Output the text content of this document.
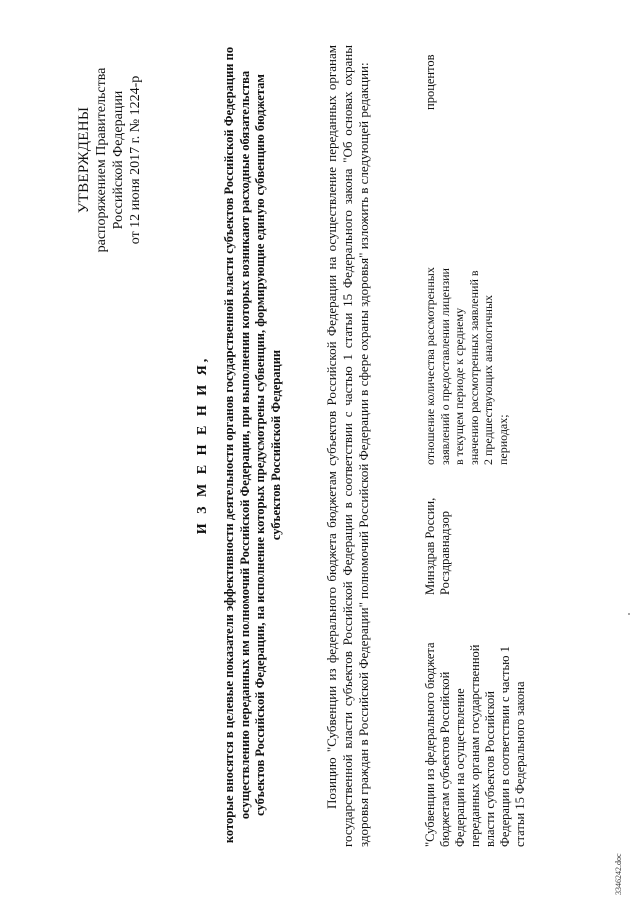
УТВЕРЖДЕНЫ распоряжением Правительства Российской Федерации от 12 июня 2017 г. № 1224-р
И З М Е Н Е Н И Я, которые вносятся в целевые показатели эффективности деятельности органов государственной власти субъектов Российской Федерации по осуществлению переданных им полномочий Российской Федерации, при выполнении которых возникают расходные обязательства субъектов Российской Федерации, на исполнение которых предусмотрены субвенции, формирующие единую субвенцию бюджетам субъектов Российской Федерации	Позицию "Субвенции из федерального бюджета бюджетам субъектов Российской Федерации на осуществление переданных органам государственной власти субъектов Российской Федерации в соответствии с частью 1 статьи 15 Федерального закона "Об основах охраны здоровья граждан в Российской Федерации" полномочий Российской Федерации в сфере охраны здоровья" изложить в следующей редакции:	"Субвенции из федерального бюджета бюджетам субъектов Российской Федерации на осуществление переданных органам государственной власти субъектов Российской Федерации в соответствии с частью 1 статьи 15 Федерального закона
Минздрав России, Росздравнадзор
отношение количества рассмотренных заявлений о предоставлении лицензии в текущем периоде к среднему значению рассмотренных заявлений в 2 предшествующих аналогичных периодах;
процентов
3346242.doc
